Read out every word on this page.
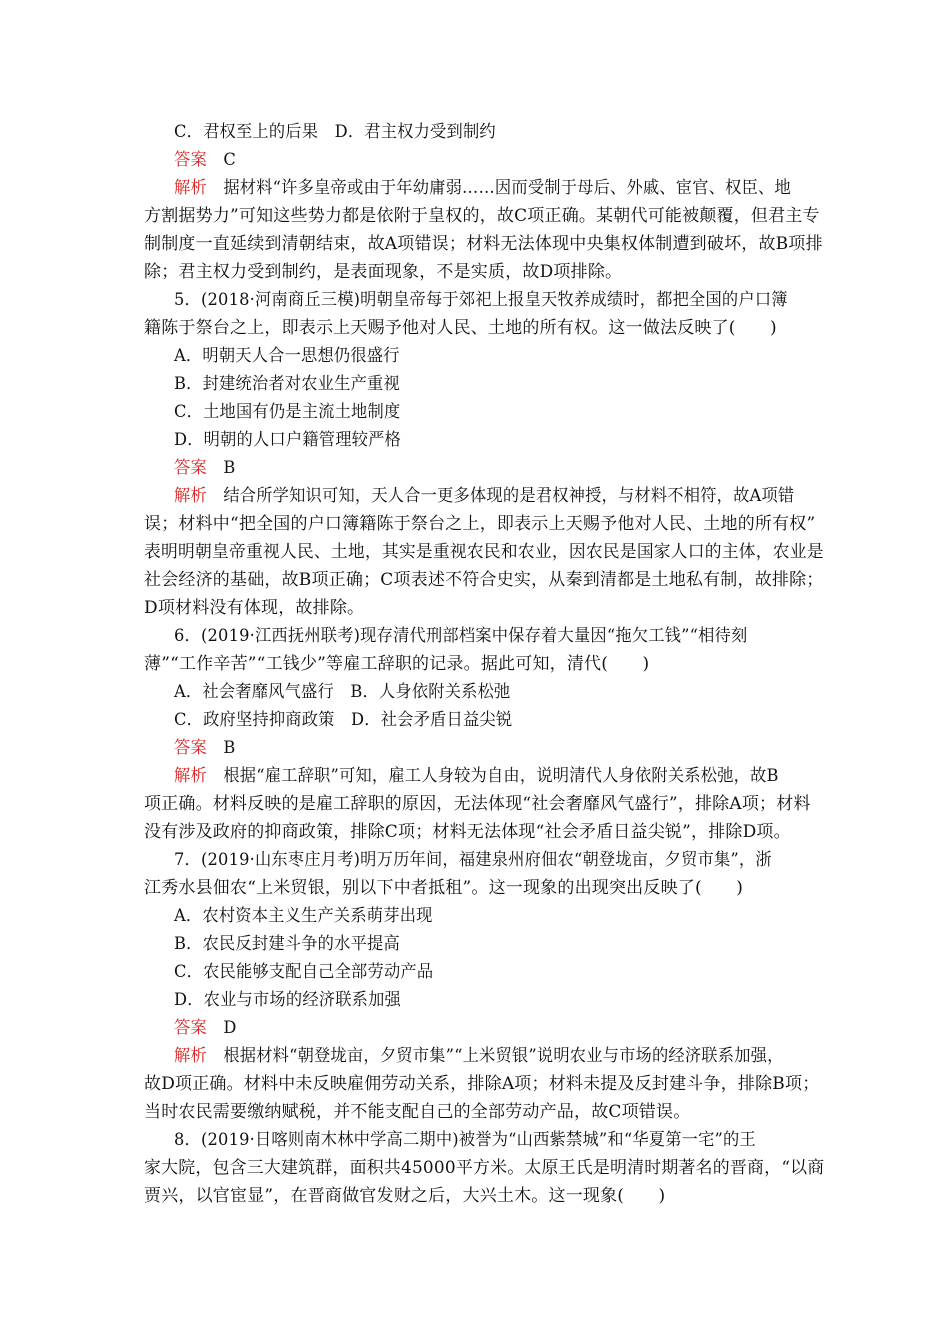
C．君权至上的后果　D．君主权力受到制约
答案　 C
解析　 据材料“许多皇帝或由于年幼庸弱……因而受制于母后、外戚、宦官、权臣、地
方割据势力”可知这些势力都是依附于皇权的，故C项正确。某朝代可能被颠覆，但君主专
制制度一直延续到清朝结束，故A项错误；材料无法体现中央集权体制遭到破坏，故B项排
除；君主权力受到制约，是表面现象，不是实质，故D项排除。
5．(2018·河南商丘三模)明朝皇帝每于郊祀上报皇天牧养成绩时，都把全国的户口簿
籍陈于祭台之上，即表示上天赐予他对人民、土地的所有权。这一做法反映了(　　)
A．明朝天人合一思想仍很盛行
B．封建统治者对农业生产重视
C．土地国有仍是主流土地制度
D．明朝的人口户籍管理较严格
答案　 B
解析　 结合所学知识可知，天人合一更多体现的是君权神授，与材料不相符，故A项错
误；材料中“把全国的户口簿籍陈于祭台之上，即表示上天赐予他对人民、土地的所有权”
表明明朝皇帝重视人民、土地，其实是重视农民和农业，因农民是国家人口的主体，农业是
社会经济的基础，故B项正确；C项表述不符合史实，从秦到清都是土地私有制，故排除；
D项材料没有体现，故排除。
6．(2019·江西抚州联考)现存清代刑部档案中保存着大量因“拖欠工钱”“相待刻
薄”“工作辛苦”“工钱少”等雇工辞职的记录。据此可知，清代(　　)
A．社会奢靡风气盛行　B．人身依附关系松弛
C．政府坚持抑商政策　D．社会矛盾日益尖锐
答案　 B
解析　 根据“雇工辞职”可知，雇工人身较为自由，说明清代人身依附关系松弛，故B
项正确。材料反映的是雇工辞职的原因，无法体现“社会奢靡风气盛行”，排除A项；材料
没有涉及政府的抑商政策，排除C项；材料无法体现“社会矛盾日益尖锐”，排除D项。
7．(2019·山东枣庄月考)明万历年间，福建泉州府佃农“朝登垅亩，夕贸市集”，浙
江秀水县佃农“上米贸银，别以下中者抵租”。这一现象的出现突出反映了(　　)
A．农村资本主义生产关系萌芽出现
B．农民反封建斗争的水平提高
C．农民能够支配自己全部劳动产品
D．农业与市场的经济联系加强
答案　 D
解析　 根据材料“朝登垅亩，夕贸市集”“上米贸银”说明农业与市场的经济联系加强，
故D项正确。材料中未反映雇佣劳动关系，排除A项；材料未提及反封建斗争，排除B项；
当时农民需要缴纳赋税，并不能支配自己的全部劳动产品，故C项错误。
8．(2019·日喀则南木林中学高二期中)被誉为“山西紫禁城”和“华夏第一宅”的王
家大院，包含三大建筑群，面积共45000平方米。太原王氏是明清时期著名的晋商，“以商
贾兴，以官宦显”，在晋商做官发财之后，大兴土木。这一现象(　　)
